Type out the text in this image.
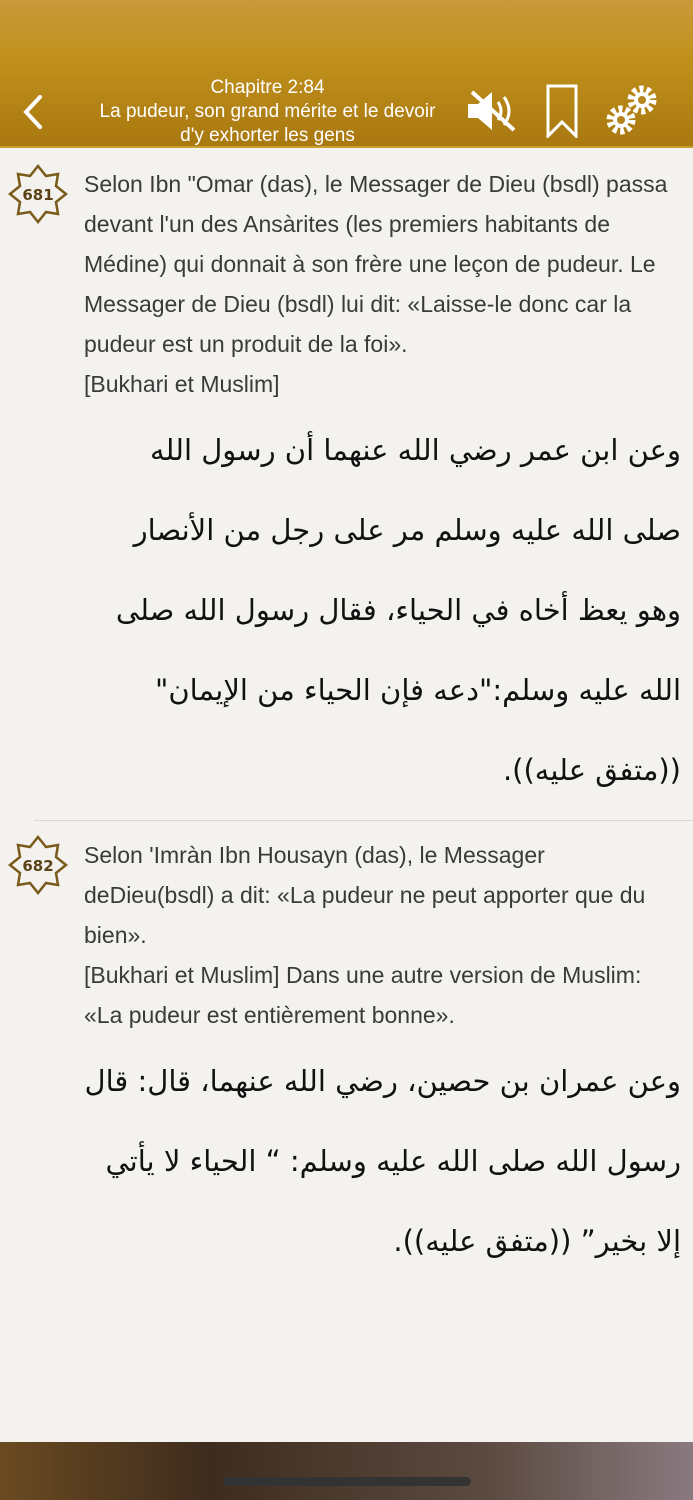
Chapitre 2:84
La pudeur, son grand mérite et le devoir d'y exhorter les gens
681 Selon Ibn "Omar (das), le Messager de Dieu (bsdl) passa devant l'un des Ansàrites (les premiers habitants de Médine) qui donnait à son frère une leçon de pudeur. Le Messager de Dieu (bsdl) lui dit: «Laisse-le donc car la pudeur est un produit de la foi».
[Bukhari et Muslim]
وعن ابن عمر رضي الله عنهما أن رسول الله صلى الله عليه وسلم مر على رجل من الأنصار وهو يعظ أخاه في الحياء، فقال رسول الله صلى الله عليه وسلم:"دعه فإن الحياء من الإيمان" ((متفق عليه)).
682 Selon 'Imràn Ibn Housayn (das), le Messager deDieu(bsdl) a dit: «La pudeur ne peut apporter que du bien».
[Bukhari et Muslim] Dans une autre version de Muslim: «La pudeur est entièrement bonne».
وعن عمران بن حصين، رضي الله عنهما، قال: قال رسول الله صلى الله عليه وسلم: “ الحياء لا يأتي إلا بخير” ((متفق عليه)).
